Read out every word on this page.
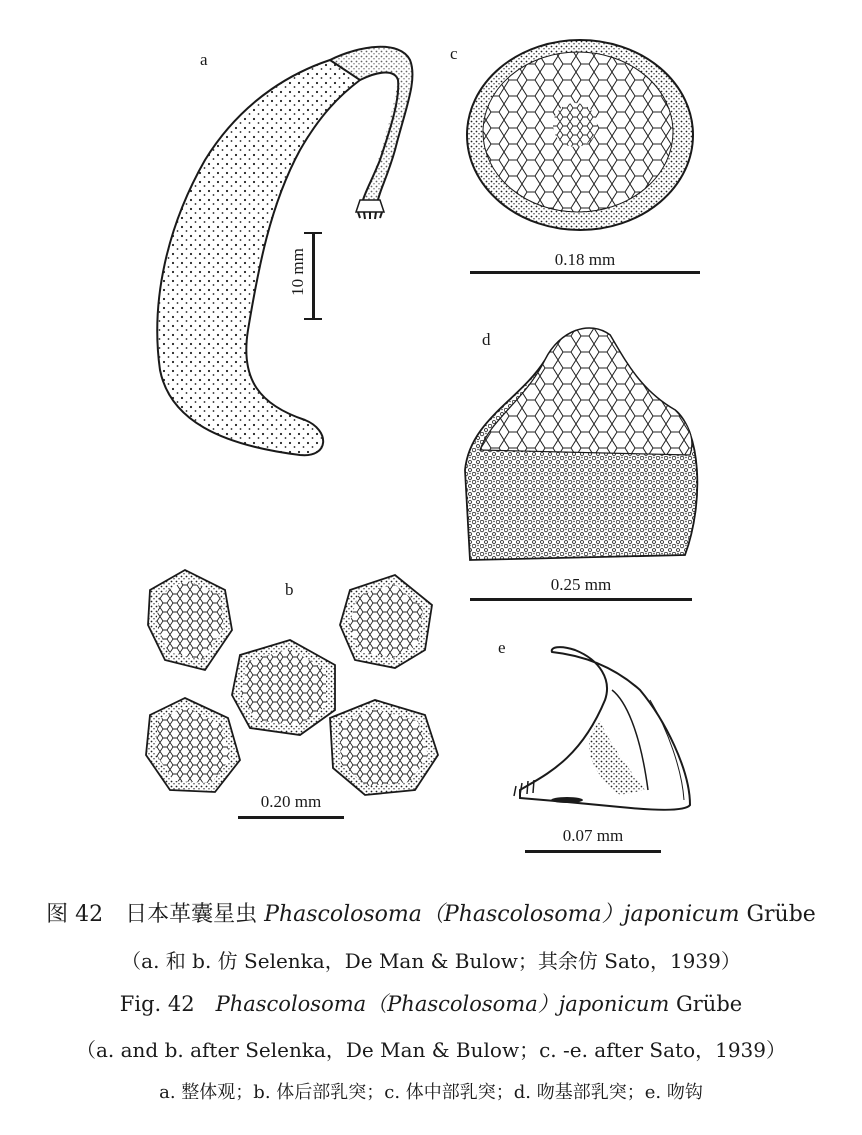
a	c
d
b
e
10 mm	0.18 mm
0.25 mm
0.20 mm
0.07 mm
图 42　日本革囊星虫 Phascolosoma（Phascolosoma）japonicum Grübe
（a. 和 b. 仿 Selenka，De Man & Bulow；其余仿 Sato，1939）
Fig. 42　Phascolosoma（Phascolosoma）japonicum Grübe
（a. and b. after Selenka，De Man & Bulow；c. -e. after Sato，1939）
a. 整体观；b. 体后部乳突；c. 体中部乳突；d. 吻基部乳突；e. 吻钩
